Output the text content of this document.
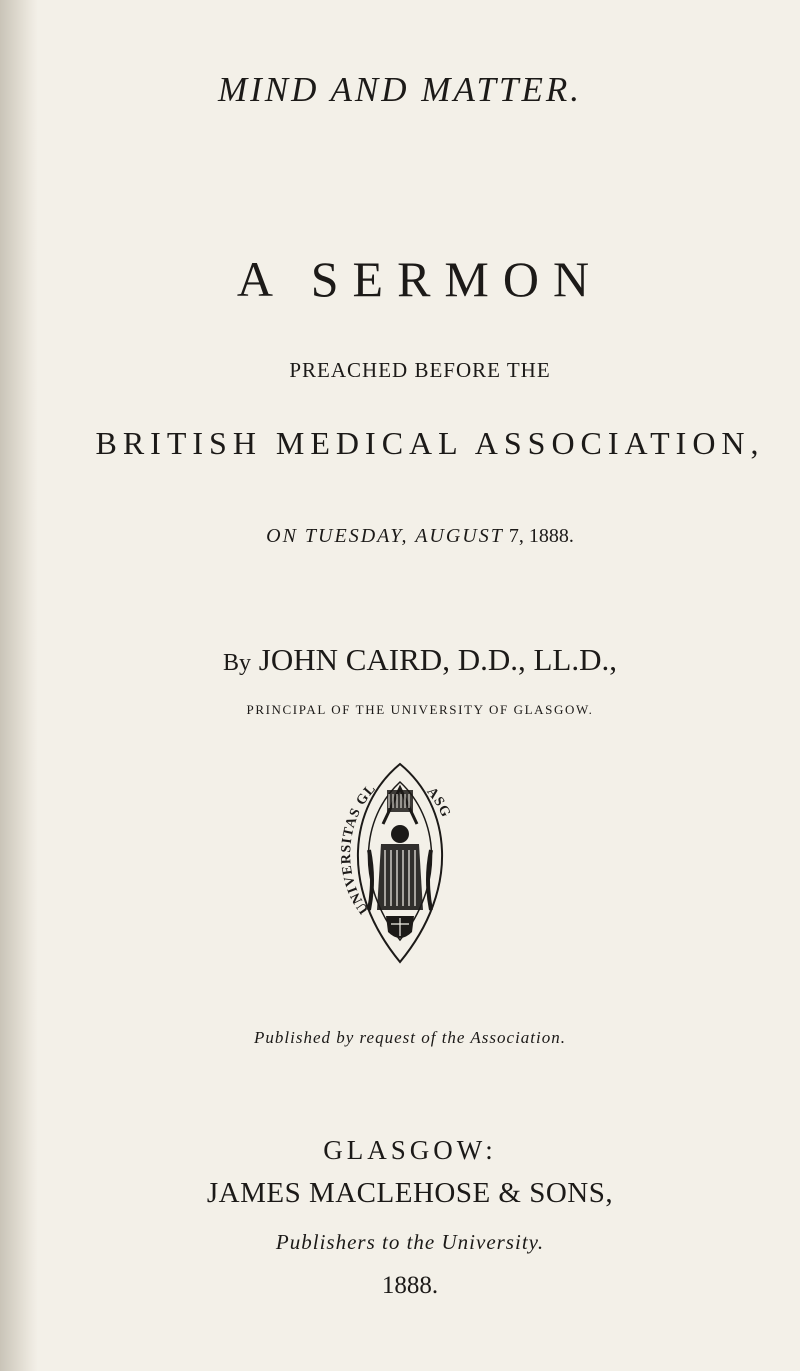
MIND AND MATTER.
A SERMON
PREACHED BEFORE THE
BRITISH MEDICAL ASSOCIATION,
ON TUESDAY, AUGUST 7, 1888.
By JOHN CAIRD, D.D., LL.D.,
PRINCIPAL OF THE UNIVERSITY OF GLASGOW.
UNIVERSITAS GLASG
Published by request of the Association.
GLASGOW:
JAMES MACLEHOSE & SONS,
Publishers to the University.
1888.
